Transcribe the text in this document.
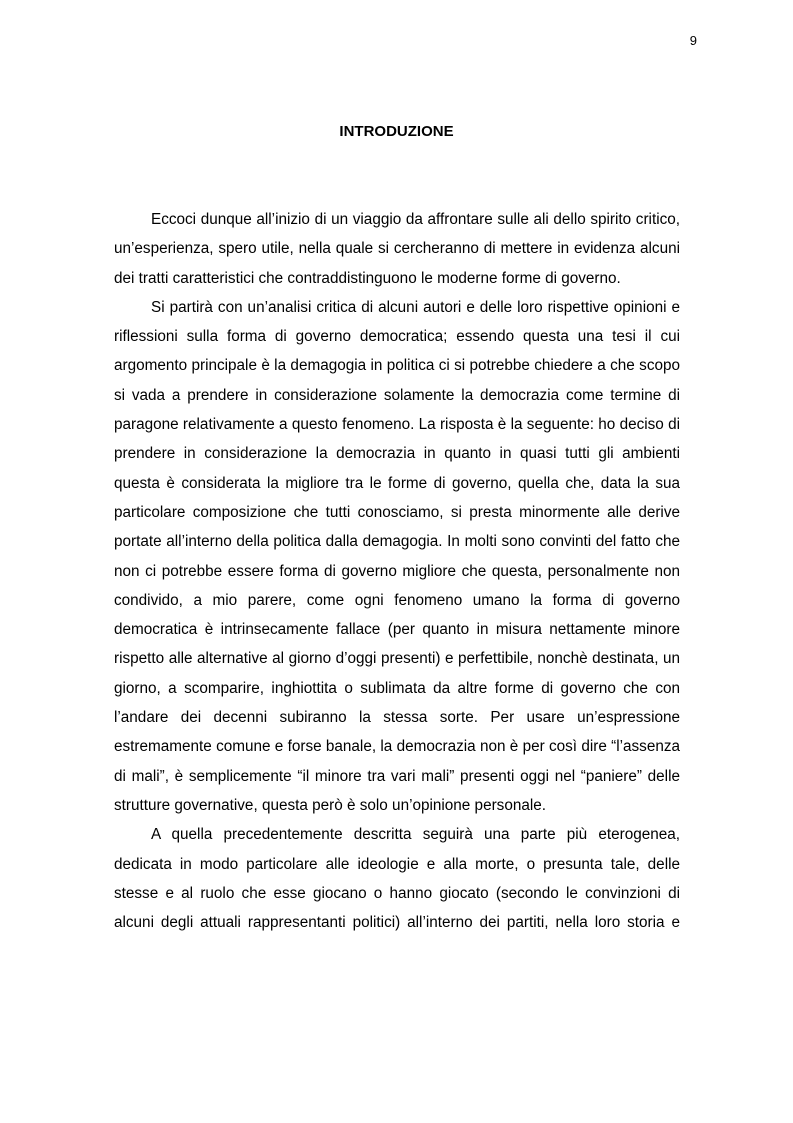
9
INTRODUZIONE

Eccoci dunque all’inizio di un viaggio da affrontare sulle ali dello spirito critico, un’esperienza, spero utile, nella quale si cercheranno di mettere in evidenza alcuni dei tratti caratteristici che contraddistinguono le moderne forme di governo.

Si partirà con un’analisi critica di alcuni autori e delle loro rispettive opinioni e riflessioni sulla forma di governo democratica; essendo questa una tesi il cui argomento principale è la demagogia in politica ci si potrebbe chiedere a che scopo si vada a prendere in considerazione solamente la democrazia come termine di paragone relativamente a questo fenomeno. La risposta è la seguente: ho deciso di prendere in considerazione la democrazia in quanto in quasi tutti gli ambienti questa è considerata la migliore tra le forme di governo, quella che, data la sua particolare composizione che tutti conosciamo, si presta minormente alle derive portate all’interno della politica dalla demagogia. In molti sono convinti del fatto che non ci potrebbe essere forma di governo migliore che questa, personalmente non condivido, a mio parere, come ogni fenomeno umano la forma di governo democratica è intrinsecamente fallace (per quanto in misura nettamente minore rispetto alle alternative al giorno d’oggi presenti) e perfettibile, nonchè destinata, un giorno, a scomparire, inghiottita o sublimata da altre forme di governo che con l’andare dei decenni subiranno la stessa sorte. Per usare un’espressione estremamente comune e forse banale, la democrazia non è per così dire “l’assenza di mali”, è semplicemente “il minore tra vari mali” presenti oggi nel “paniere” delle strutture governative, questa però è solo un’opinione personale.

A quella precedentemente descritta seguirà una parte più eterogenea, dedicata in modo particolare alle ideologie e alla morte, o presunta tale, delle stesse e al ruolo che esse giocano o hanno giocato (secondo le convinzioni di alcuni degli attuali rappresentanti politici) all’interno dei partiti, nella loro storia e
